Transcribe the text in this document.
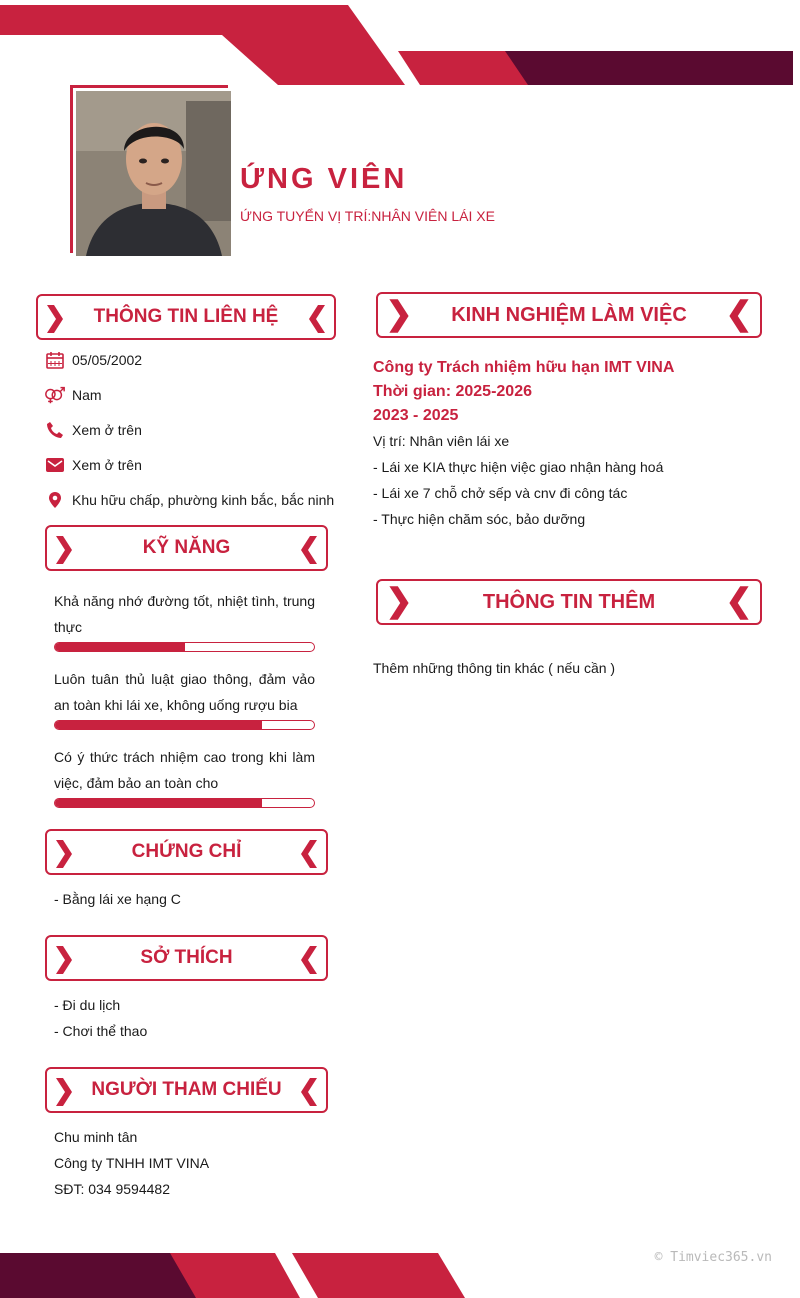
ỨNG VIÊN
ỨNG TUYỂN VỊ TRÍ:NHÂN VIÊN LÁI XE
THÔNG TIN LIÊN HỆ
05/05/2002
Nam
Xem ở trên
Xem ở trên
Khu hữu chấp, phường kinh bắc, bắc ninh
KỸ NĂNG
Khả năng nhớ đường tốt, nhiệt tình, trung thực
Luôn tuân thủ luật giao thông, đảm vảo an toàn khi lái xe, không uống rượu bia
Có ý thức trách nhiệm cao trong khi làm việc, đảm bảo an toàn cho
CHỨNG CHỈ
- Bằng lái xe hạng C
SỞ THÍCH
- Đi du lịch
- Chơi thể thao
NGƯỜI THAM CHIẾU
Chu minh tân
Công ty TNHH IMT VINA
SĐT: 034 9594482
KINH NGHIỆM LÀM VIỆC
Công ty Trách nhiệm hữu hạn IMT VINA
Thời gian: 2025-2026
2023 - 2025
Vị trí: Nhân viên lái xe
- Lái xe KIA thực hiện việc giao nhận hàng hoá
- Lái xe 7 chỗ chở sếp và cnv đi công tác
- Thực hiện chăm sóc, bảo dưỡng
THÔNG TIN THÊM
Thêm những thông tin khác ( nếu cần )
© Timviec365.vn
